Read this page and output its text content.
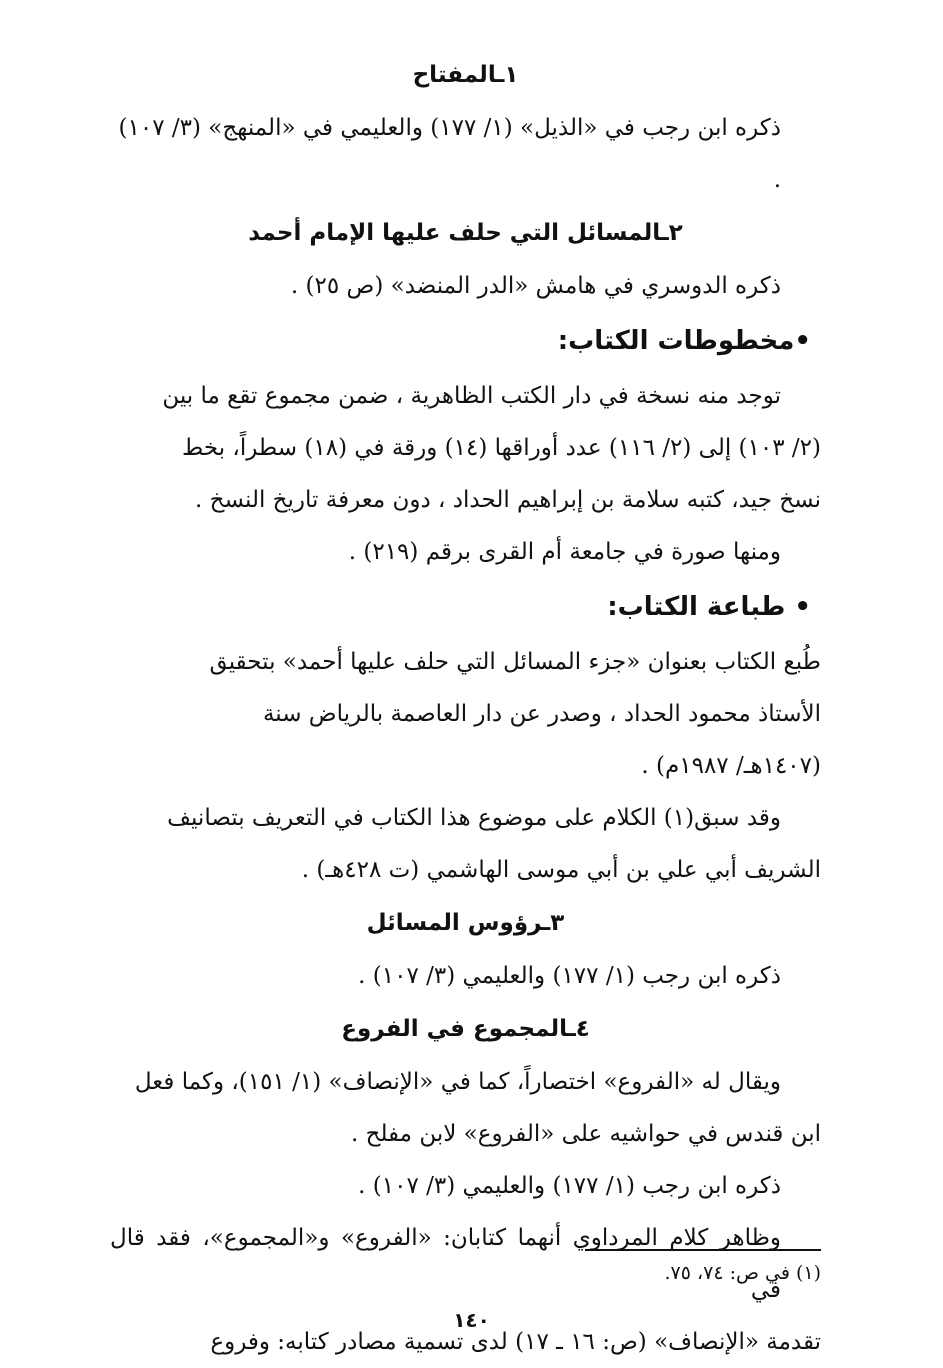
١ـالمفتاح

ذكره ابن رجب في «الذيل» (١/ ١٧٧) والعليمي في «المنهج» (٣/ ١٠٧) .

٢ـالمسائل التي حلف عليها الإمام أحمد

ذكره الدوسري في هامش «الدر المنضد» (ص ٢٥) .

•مخطوطات الكتاب:

توجد منه نسخة في دار الكتب الظاهرية ، ضمن مجموع تقع ما بين

(٢/ ١٠٣) إلى (٢/ ١١٦) عدد أوراقها (١٤) ورقة في (١٨) سطراً، بخط

نسخ جيد، كتبه سلامة بن إبراهيم الحداد ، دون معرفة تاريخ النسخ .

ومنها صورة في جامعة أم القرى برقم (٢١٩) .

• طباعة الكتاب:

طُبع الكتاب بعنوان «جزء المسائل التي حلف عليها أحمد» بتحقيق

الأستاذ محمود الحداد ، وصدر عن دار العاصمة بالرياض سنة

(١٤٠٧هـ/ ١٩٨٧م) .

وقد سبق(١) الكلام على موضوع هذا الكتاب في التعريف بتصانيف

الشريف أبي علي بن أبي موسى الهاشمي (ت ٤٢٨هـ) .

٣ـرؤوس المسائل

ذكره ابن رجب (١/ ١٧٧) والعليمي (٣/ ١٠٧) .

٤ـالمجموع في الفروع

ويقال له «الفروع» اختصاراً، كما في «الإنصاف» (١/ ١٥١)، وكما فعل

ابن قندس في حواشيه على «الفروع» لابن مفلح .

ذكره ابن رجب (١/ ١٧٧) والعليمي (٣/ ١٠٧) .

وظاهر كلام المرداوي أنهما كتابان: «الفروع» و«المجموع»، فقد قال في

تقدمة «الإنصاف» (ص: ١٦ ـ ١٧) لدى تسمية مصادر كتابه: وفروع

(١) في ص: ٧٤، ٧٥.
١٤٠
